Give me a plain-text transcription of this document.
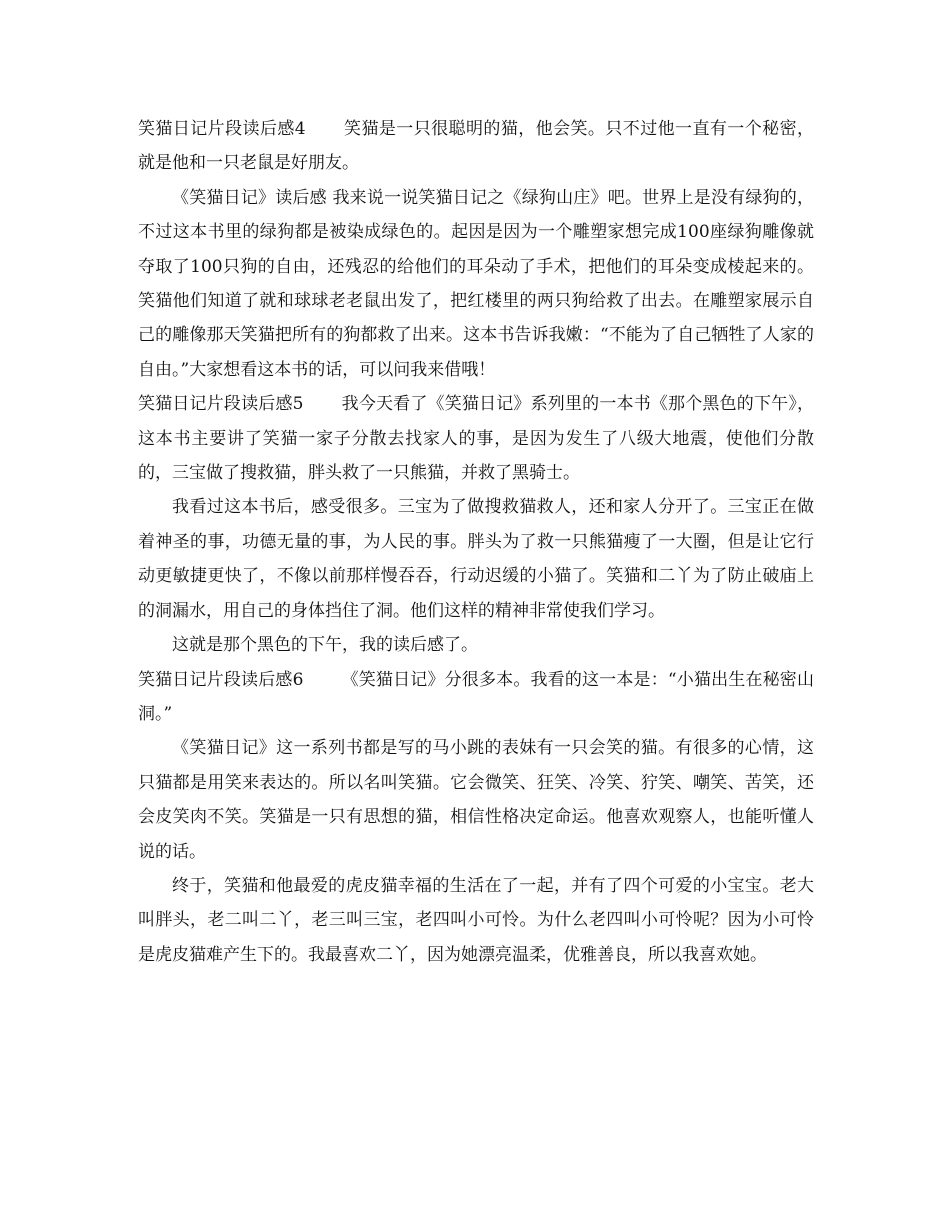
笑猫日记片段读后感4 笑猫是一只很聪明的猫，他会笑。只不过他一直有一个秘密，就是他和一只老鼠是好朋友。

《笑猫日记》读后感 我来说一说笑猫日记之《绿狗山庄》吧。世界上是没有绿狗的，不过这本书里的绿狗都是被染成绿色的。起因是因为一个雕塑家想完成100座绿狗雕像就夺取了100只狗的自由，还残忍的给他们的耳朵动了手术，把他们的耳朵变成棱起来的。笑猫他们知道了就和球球老老鼠出发了，把红楼里的两只狗给救了出去。在雕塑家展示自己的雕像那天笑猫把所有的狗都救了出来。这本书告诉我嫩：“不能为了自己牺牲了人家的自由。”大家想看这本书的话，可以问我来借哦！

笑猫日记片段读后感5 我今天看了《笑猫日记》系列里的一本书《那个黑色的下午》，这本书主要讲了笑猫一家子分散去找家人的事，是因为发生了八级大地震，使他们分散的，三宝做了搜救猫，胖头救了一只熊猫，并救了黑骑士。

我看过这本书后，感受很多。三宝为了做搜救猫救人，还和家人分开了。三宝正在做着神圣的事，功德无量的事，为人民的事。胖头为了救一只熊猫瘦了一大圈，但是让它行动更敏捷更快了，不像以前那样慢吞吞，行动迟缓的小猫了。笑猫和二丫为了防止破庙上的洞漏水，用自己的身体挡住了洞。他们这样的精神非常使我们学习。

这就是那个黑色的下午，我的读后感了。

笑猫日记片段读后感6 《笑猫日记》分很多本。我看的这一本是：“小猫出生在秘密山洞。”

《笑猫日记》这一系列书都是写的马小跳的表妹有一只会笑的猫。有很多的心情，这只猫都是用笑来表达的。所以名叫笑猫。它会微笑、狂笑、冷笑、狞笑、嘲笑、苦笑，还会皮笑肉不笑。笑猫是一只有思想的猫，相信性格决定命运。他喜欢观察人，也能听懂人说的话。

终于，笑猫和他最爱的虎皮猫幸福的生活在了一起，并有了四个可爱的小宝宝。老大叫胖头，老二叫二丫，老三叫三宝，老四叫小可怜。为什么老四叫小可怜呢？因为小可怜是虎皮猫难产生下的。我最喜欢二丫，因为她漂亮温柔，优雅善良，所以我喜欢她。
